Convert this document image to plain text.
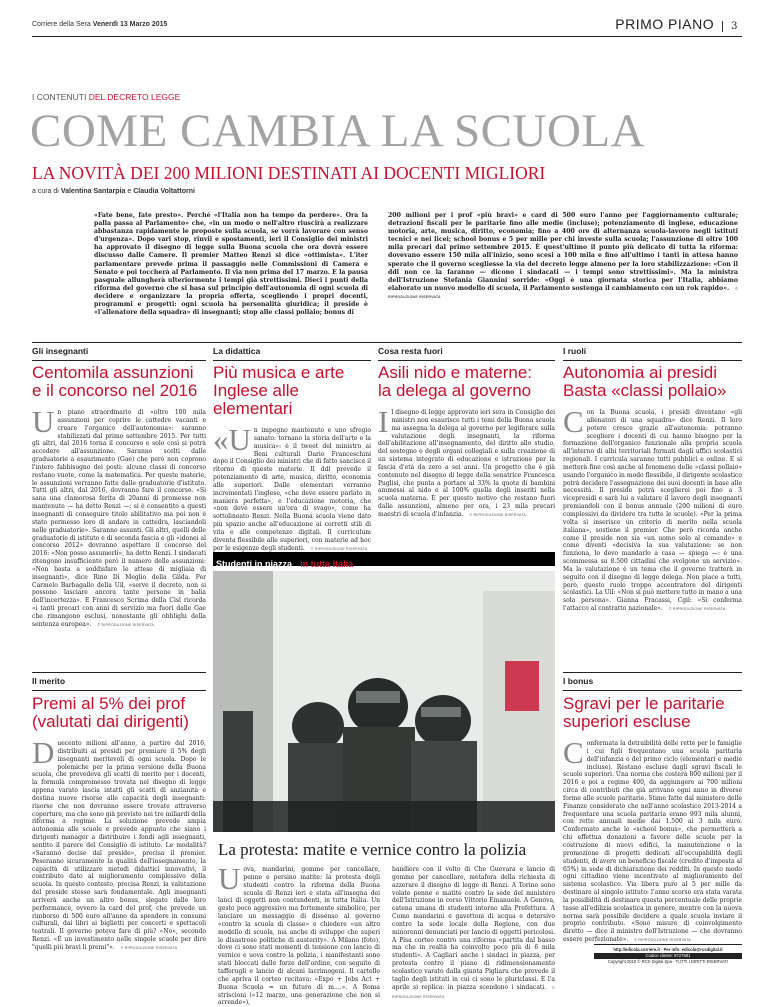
Corriere della Sera Venerdì 13 Marzo 2015	PRIMO PIANO 3
I CONTENUTI DEL DECRETO LEGGE
COME CAMBIA LA SCUOLA
LA NOVITÀ DEI 200 MILIONI DESTINATI AI DOCENTI MIGLIORI
a cura di Valentina Santarpia e Claudia Voltattorni
«Fate bene, fate presto». Perché «l'Italia non ha tempo da perdere». Ora la palla passa al Parlamento» che, «in un modo o nell'altro riuscirà a realizzare abbastanza rapidamente le proposte sulla scuola, se vorrà lavorare con senso d'urgenza». Dopo vari stop, rinvii e spostamenti, ieri il Consiglio dei ministri ha approvato il disegno di legge sulla Buona scuola che ora dovrà essere discusso dalle Camere. Il premier Matteo Renzi si dice «ottimista». L'iter parlamentare prevede prima il passaggio nelle Commissioni di Camera e Senato e poi toccherà al Parlamento. Il via non prima del 17 marzo. E la pausa pasquale allungherà ulteriormente i tempi già strettissimi. Dieci i punti della riforma del governo che si basa sul principio dell'autonomia di ogni scuola di decidere e organizzare la propria offerta, scegliendo i propri docenti, programmi e progetti: ogni scuola ha personalità giuridica; il preside è «l'allenatore della squadra» di insegnanti; stop alle classi pollaio; bonus di
200 milioni per i prof «più bravi» e card di 500 euro l'anno per l'aggiornamento culturale; detrazioni fiscali per le paritarie fino alle medie (incluse); potenziamento di inglese, educazione motoria, arte, musica, diritto, economia; fino a 400 ore di alternanza scuola-lavoro negli istituti tecnici e nei licei; school bonus e 5 per mille per chi investe sulla scuola; l'assunzione di oltre 100 mila precari dal primo settembre 2015. È quest'ultimo il punto più delicato di tutta la riforma: dovevano essere 150 mila all'inizio, sono scesi a 100 mila e fino all'ultimo i tanti in attesa hanno sperato che il governo scegliesse la via del decreto legge almeno per la loro stabilizzazione: «Con il ddl non ce la faranno — dicono i sindacati — i tempi sono strettissimi». Ma la ministra dell'Istruzione Stefania Giannini sorride: «Oggi è una giornata storica per l'Italia, abbiamo elaborato un nuovo modello di scuola, il Parlamento sostenga il cambiamento con un rok rapido». © RIPRODUZIONE RISERVATA
Gli insegnanti
Centomila assunzioni
e il concorso nel 2016
Un piano straordinario di «oltre 100 mila assunzioni per coprire le cattedre vacanti e creare l'organico dell'autonomia»: saranno stabilizzati dal primo settembre 2015. Per tutti gli altri, dal 2016 torna il concorso e solo così si potrà accedere all'assunzione. Saranno scelti dalle graduatorie a esaurimento (Gae) che però non coprono l'intero fabbisogno dei posti: alcune classi di concorso restano vuote, come la matematica. Per queste materie, le assunzioni verranno fatte dalle graduatorie d'istituto. Tutti gli altri, dal 2016, dovranno fare il concorso. «Si sana una clamorosa ferita di 20anni di promesse non mantenute — ha detto Renzi —: si è consentito a questi insegnanti di conseguire titolo abilitativo ma poi non è stato permesso loro di andare in cattedra, lasciandoli nelle graduatorie». Saranno assunti. Gli altri, quelli delle graduatorie di istituto e di seconda fascia e gli «idonei al concorso 2012» dovranno aspettare il concorso del 2016: «Non posso assumerli», ha detto Renzi. I sindacati ritengono insufficiente però il numero delle assunzioni: «Non basta a soddisfare le attese di migliaia di insegnanti», dice Rino Di Meglio della Gilda. Per Carmelo Barbagallo della Uil, «serve il decreto, non si possono lasciare ancora tante persone in balìa dell'incertezza». E Francesco Scrima della Cisl ricorda «i tanti precari con anni di servizio ma fuori dalle Gae che rimangono esclusi, nonostante gli obblighi della sentenza europea». © RIPRODUZIONE RISERVATA
La didattica
Più musica e arte
Inglese alle elementari
«Un impegno mantenuto e uno sfregio sanato: tornano la storia dell'arte e la musica»: è il tweet del ministro ai Beni culturali Dario Franceschini dopo il Consiglio dei ministri che di fatto sancisce il ritorno di queste materie. Il ddl prevede il potenziamento di arte, musica, diritto, economia alle superiori. Dalle elementari verranno incrementati l'inglese, «che deve essere parlato in maniera perfetta», e l'educazione motoria, che «non deve essere un'ora di svago», come ha sottolineato Renzi. Nella Buona scuola viene dato più spazio anche all'educazione ai corretti stili di vita e alle competenze digitali. Il curriculum diventa flessibile alle superiori, con materie ad hoc per le esigenze degli studenti. © RIPRODUZIONE RISERVATA
Cosa resta fuori
Asili nido e materne:
la delega al governo
Il disegno di legge approvato ieri sera in Consiglio dei ministri non esaurisce tutti i temi della Buona scuola ma assegna la delega al governo per legiferare sulla valutazione degli insegnanti, la riforma dell'abilitazione all'insegnamento, del diritto allo studio, del sostegno e degli organi collegiali e sulla creazione di un sistema integrato di educazione e istruzione per la fascia d'età da zero a sei anni. Un progetto che è già contenuto nel disegno di legge della senatrice Francesca Puglisi, che punta a portare al 33% la quota di bambini ammessi al nido e al 100% quella degli inseriti nella scuola materna. È per questo motivo che restano fuori dalle assunzioni, almeno per ora, i 23 mila precari maestri di scuola d'infanzia. © RIPRODUZIONE RISERVATA
I ruoli
Autonomia ai presidi
Basta «classi pollaio»
Con la Buona scuola, i presidi diventano «gli allenatori di una squadra» dice Renzi. Il loro potere cresce grazie all'autonomia: potranno scegliere i docenti di cui hanno bisogno per la formazione dell'organico funzionale alla propria scuola all'interno di albi territoriali formati dagli uffici scolastici regionali. I curricula saranno tutti pubblici e online. E si metterà fine così anche al fenomeno delle «classi pollaio» usando l'organico in modo flessibile, il dirigente scolastico potrà decidere l'assegnazione dei suoi docenti in base alle necessità. Il preside potrà sceglierei poi fino a 3 vicepresidi e sarà lui a valutare il lavoro degli insegnanti premiandoli con il bonus annuale (200 milioni di euro complessivi da dividere tra tutte le scuole). «Per la prima volta si inserisce un criterio di merito nella scuola italiana», sostiene il premier. Che però ricorda anche come il preside non sia «un uomo solo al comando» e come diventi «decisiva la sua valutazione: se non funziona, lo devo mandarlo a casa — spiega —: è una scommessa su 8.500 cittadini che svolgono un servizio». Ma la valutazione è un tema che il governo tratterà in seguito con il disegno di legge delega. Non piace a tutti, però, questo ruolo troppo accentratore del dirigenti scolastici. La Uil: «Non si può mettere tutto in mano a una sola persona». Gianna Fracassi, Cgil: «Si conferma l'attacco al contratto nazionale». © RIPRODUZIONE RISERVATA
Studenti in piazza in tutta Italia
La protesta: matite e vernice contro la polizia
Uova, mandarini, gomme per cancellare, penne e persino matite: la protesta degli studenti contro la riforma della Buona scuola di Renzi ieri è stata all'insegna dei lanci di oggetti non contundenti, in tutta Italia. Un gesto poco aggressivo ma fortemente simbolico, per lanciare un messaggio di dissenso al governo «contro la scuola di classe» e chiedere «un altro modello di scuola, ma anche di sviluppo che superi le disastrose politiche di austerity». A Milano (foto), dove ci sono stati momenti di tensione con lancio di vernice e uova contro la polizia, i manifestanti sono stati bloccati dalle forze dell'ordine, con seguito di tafferugli e lancio di alcuni lacrimogeni. Il cartello che apriva il corteo recitava: «Expo + Jobs Act + Buona Scuola = un futuro di m....». A Roma striscioni («12 marzo, una generazione che non si arrende»),
bandiere con il volto di Che Guevara e lancio di gomme per cancellare, metafora della richiesta di azzerare il disegno di legge di Renzi. A Torino sono volate penne e matite contro la sede del ministero dell'Istruzione in corso Vittorio Emanuele. A Genova, catena umana di studenti intorno alla Prefettura. A Como mandarini e gavettoni di acqua e detersivo contro la sede locale della Regione, con due minorenni denunciati per lancio di oggetti pericolosi. A Pisa corteo contro una riforma «partita dal basso ma che in realtà ha coinvolto poco più di 6 mila studenti». A Cagliari anche i sindaci in piazza, per protesta contro il piano di ridimensionamento scolastico varato dalla giunta Pigliaru che prevede il taglio degli istituti in cui ci sono le pluriclassi. E l'a aprile si replica: in piazza scendono i sindacati. © RIPRODUZIONE RISERVATA
Il merito
Premi al 5% dei prof
(valutati dai dirigenti)
Duecento milioni all'anno, a partire dal 2016, distribuiti ai presidi per premiare il 5% degli insegnanti meritevoli di ogni scuola. Dopo le polemiche per la prima versione della Buona scuola, che prevedeva gli scatti di merito per i docenti, la formula compromesso trovata nel disegno di legge appena varato lascia intatti gli scatti di anzianità e destina nuove risorse alle capacità degli insegnanti: risorse che non dovranno essere trovate attraverso coperture, ma che sono già previste nei tre miliardi della riforma a regime. La soluzione prevede ampia autonomia alle scuole e prevede appunto che siano i dirigenti manager a distribuire i fondi agli insegnanti, sentito il parere del Consiglio di istituto. Le modalità? «Saranno decise dal preside», precisa il premier. Peseranno sicuramente la qualità dell'insegnamento, la capacità di utilizzare metodi didattici innovativi, il contributo dato al miglioramento complessivo della scuola. In questo contesto, precisa Renzi, la valutazione del preside stesso sarà fondamentale. Agli insegnanti arriverà anche un altro bonus, slegato dalle loro performance, ovvero la card del prof, che prevede un rimborso di 500 euro all'anno da spendere in consumi culturali, dai libri ai biglietti per concerti e spettacoli teatrali. Il governo poteva fare di più? «No», secondo Renzi. «È un investimento nelle singole scuole per dire "quelli più bravi li premi"». © RIPRODUZIONE RISERVATA
I bonus
Sgravi per le paritarie
superiori escluse
Confermata la detraibilità delle rette per le famiglie i cui figli frequentano una scuola paritaria dell'infanzia o del primo ciclo (elementari e medie incluse). Restano escluse dagli sgravi fiscali le scuole superiori. Una norma che costerà 800 milioni per il 2016 e poi a regime 400, da aggiungere ai 700 milioni circa di contributi che già arrivano ogni anno in diverse forme alle scuole paritarie. Stime fatte dal ministero delle Finanze considerato che nell'anno scolastico 2013-2014 a frequentare una scuola paritaria erano 993 mila alunni, con rette annuali medie dai 1.500 ai 3 mila euro. Confermato anche lo «school bonus», che permetterà a chi effettua donazioni a favore delle scuole per la costruzione di nuovi edifici, la manutenzione o la promozione di progetti dedicati all'occupabilità degli studenti, di avere un beneficio fiscale (credito d'imposta al 65%) in sede di dichiarazione dei redditi. In questo modo ogni cittadino viene incentivato al miglioramento del sistema scolastico. Via libera pure al 5 per mille da destinare al singolo istituto: l'anno scorso era stata varata la possibilità di destinare questa percentuale delle proprie tasse all'edilizia scolastica in genere, mentre con la nuova norma sarà possibile decidere a quale scuola inviare il proprio contributo. «Sono misure di coinvolgimento diretto — dice il ministro dell'Istruzione — che dovranno essere perfezionate». © RIPRODUZIONE RISERVATA
http://edicola.corriere.it - Per info: edicola@rcsdigital.it
Codice cliente: 8727581
Copyright 2010 © RCS Digital Spa - TUTTI I DIRITTI RISERVATI
